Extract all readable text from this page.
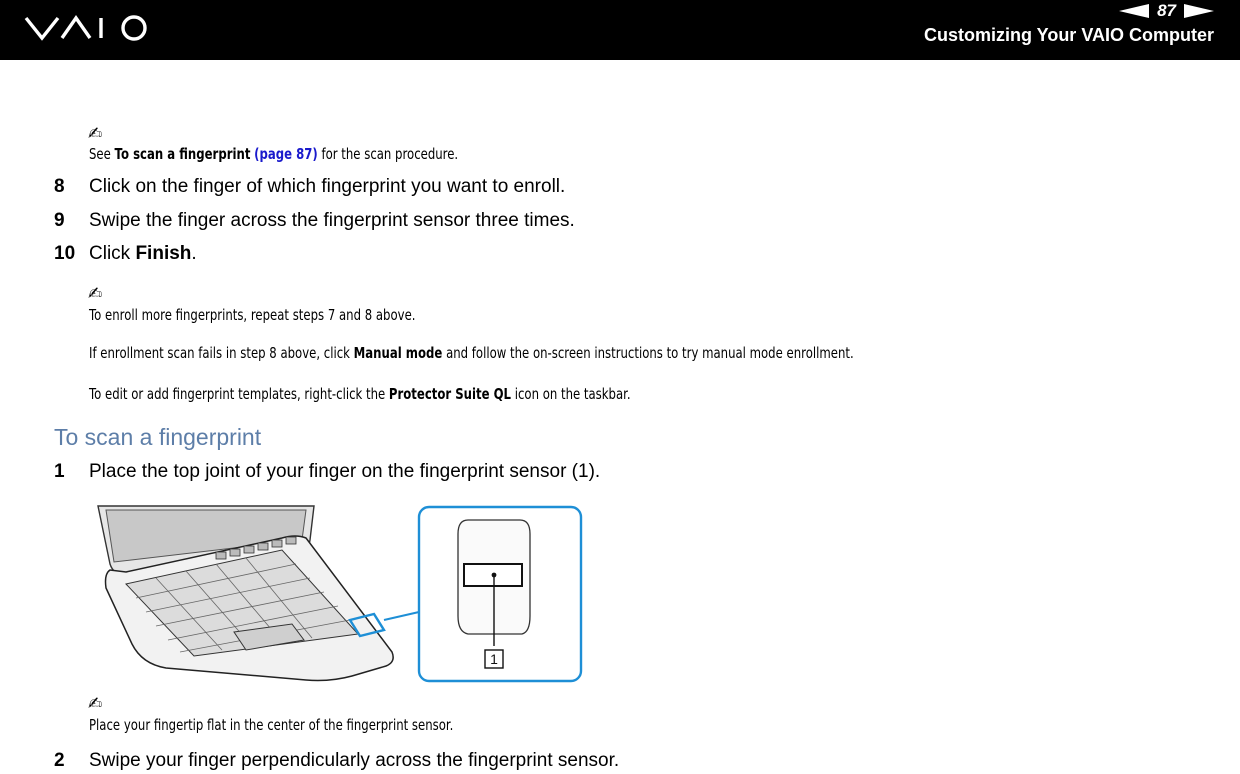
87
Customizing Your VAIO Computer
✍
See To scan a fingerprint (page 87) for the scan procedure.
8 Click on the finger of which fingerprint you want to enroll.
9 Swipe the finger across the fingerprint sensor three times.
10 Click Finish.
✍
To enroll more fingerprints, repeat steps 7 and 8 above.
If enrollment scan fails in step 8 above, click Manual mode and follow the on-screen instructions to try manual mode enrollment.
To edit or add fingerprint templates, right-click the Protector Suite QL icon on the taskbar.
To scan a fingerprint
1 Place the top joint of your finger on the fingerprint sensor (1).
1
✍
Place your fingertip flat in the center of the fingerprint sensor.
2 Swipe your finger perpendicularly across the fingerprint sensor.
